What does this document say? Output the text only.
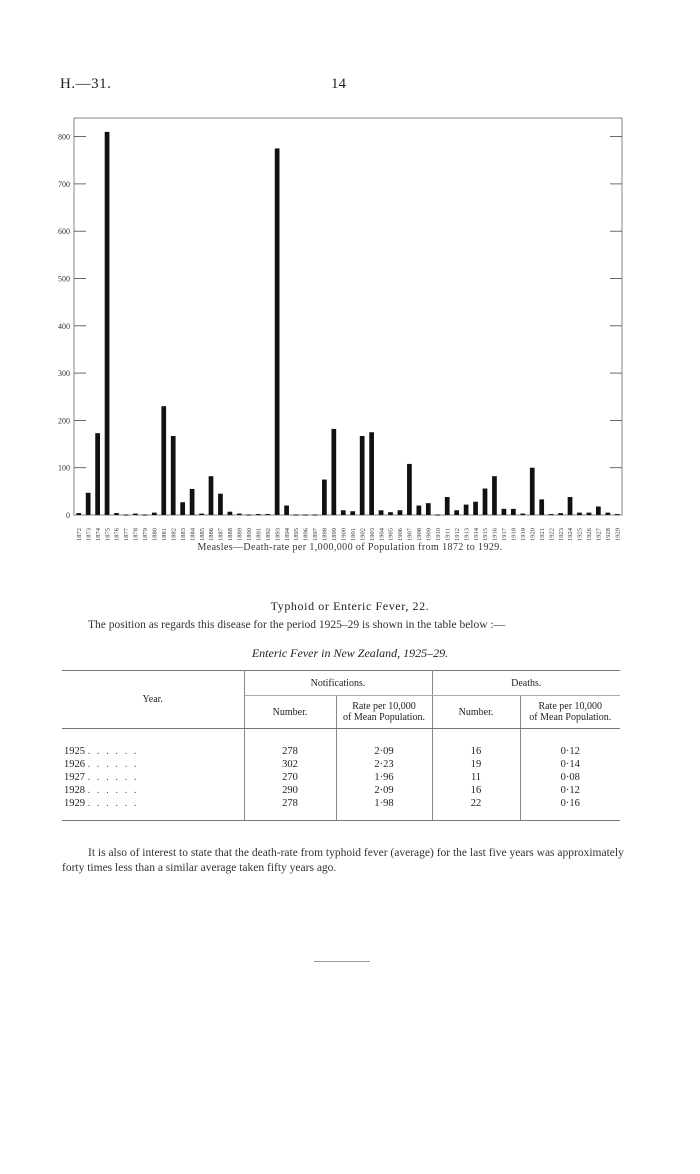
H.—31.	14
0
100
200
300
400
500
600
700
800
1872 1873 1874 1875 1876 1877 1878 1879 1880 1881 1882 1883 1884 1885 1886 1887 1888 1889 1890 1891 1892 1893 1894 1895 1896 1897 1898 1899 1900 1901 1902 1903 1904 1905 1906 1907 1908 1909 1910 1911 1912 1913 1914 1915 1916 1917 1918 1919 1920 1921 1922 1923 1924 1925 1926 1927 1928 1929
Measles—Death-rate per 1,000,000 of Population from 1872 to 1929.
Typhoid or Enteric Fever, 22.
The position as regards this disease for the period 1925–29 is shown in the table below :—
Enteric Fever in New Zealand, 1925–29.
Year.	Notifications.		Deaths.	
	Number.	Rate per 10,000
of Mean Population.	Number.	Rate per 10,000
of Mean Population.

1925 . . . . . .	278	2·09	16	0·12
1926 . . . . . .	302	2·23	19	0·14
1927 . . . . . .	270	1·96	11	0·08
1928 . . . . . .	290	2·09	16	0·12
1929 . . . . . .	278	1·98	22	0·16
It is also of interest to state that the death-rate from typhoid fever (average) for the last five years was approximately forty times less than a similar average taken fifty years ago.
